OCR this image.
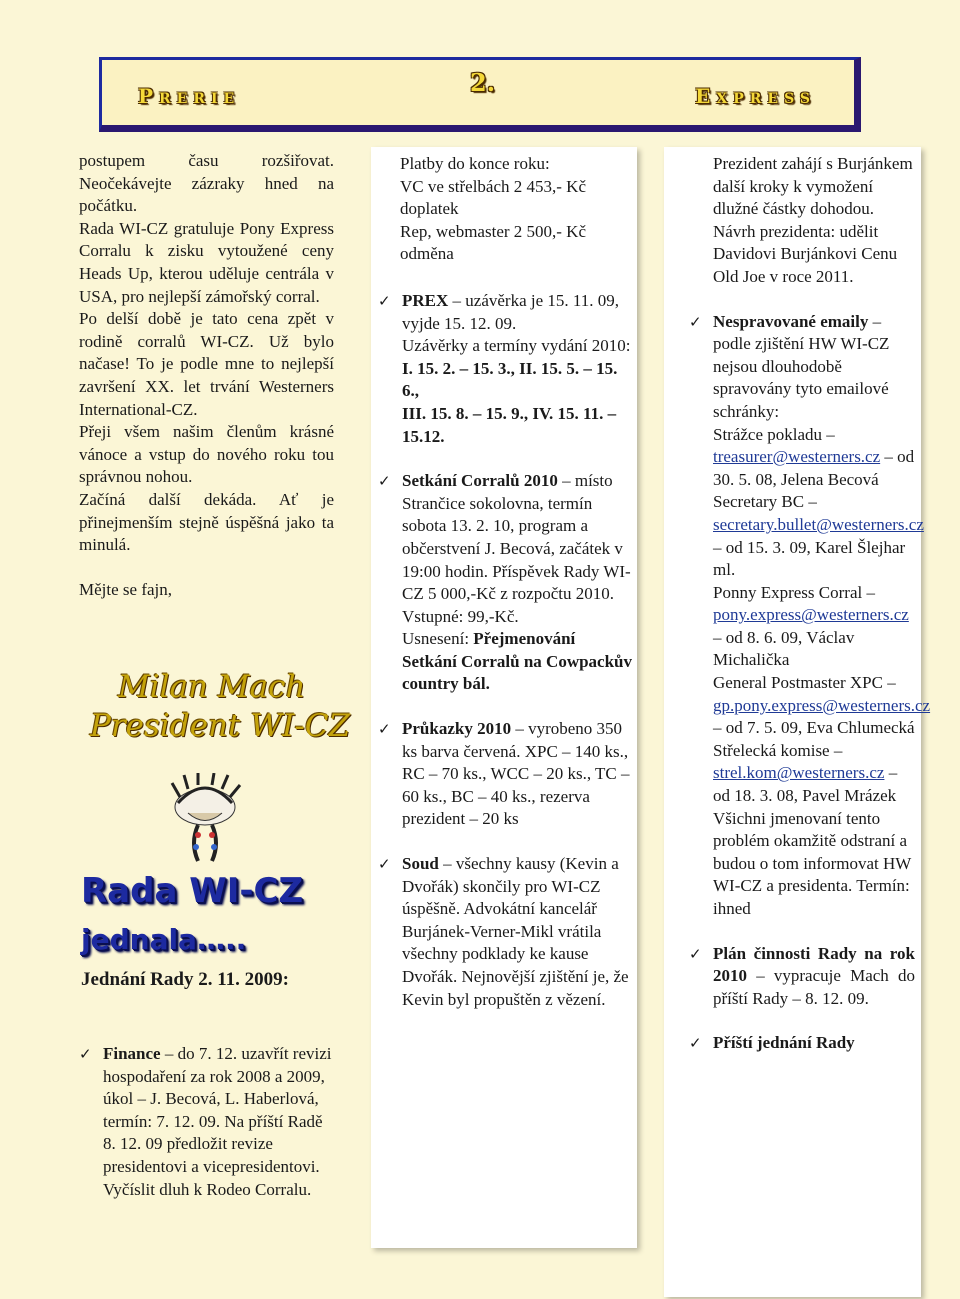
Prerie	2.	Express

postupem času rozšiřovat. Neočekávejte zázraky hned na počátku.

Rada WI-CZ gratuluje Pony Express Corralu k zisku vytoužené ceny Heads Up, kterou uděluje centrála v USA, pro nejlepší zámořský corral.

Po delší době je tato cena zpět v rodině corralů WI-CZ. Už bylo načase! To je podle mne to nejlepší završení XX. let trvání Westerners International-CZ.

Přeji všem našim členům krásné vánoce a vstup do nového roku tou správnou nohou.

Začíná další dekáda. Ať je přinejmenším stejně úspěšná jako ta minulá.

Mějte se fajn,

Milan Mach
President WI-CZ
Rada WI-CZ
jednala…..
Jednání Rady 2. 11. 2009:
✓ Finance – do 7. 12. uzavřít revizi hospodaření za rok 2008 a 2009, úkol – J. Becová, L. Haberlová, termín: 7. 12. 09. Na příští Radě 8. 12. 09 předložit revize presidentovi a vicepresidentovi. Vyčíslit dluh k Rodeo Corralu.

Platby do konce roku:

VC ve střelbách 2 453,- Kč doplatek

Rep, webmaster 2 500,- Kč odměna

✓ PREX – uzávěrka je 15. 11. 09, vyjde 15. 12. 09.
Uzávěrky a termíny vydání 2010:
I. 15. 2. – 15. 3., II. 15. 5. – 15. 6.,
III. 15. 8. – 15. 9., IV. 15. 11. – 15.12.
✓ Setkání Corralů 2010 – místo Strančice sokolovna, termín sobota 13. 2. 10, program a občerstvení J. Becová, začátek v 19:00 hodin. Příspěvek Rady WI-CZ 5 000,-Kč z rozpočtu 2010.
Vstupné: 99,-Kč.
Usnesení: Přejmenování Setkání Corralů na Cowpackův country bál.
✓ Průkazky 2010 – vyrobeno 350 ks barva červená. XPC – 140 ks., RC – 70 ks., WCC – 20 ks., TC – 60 ks., BC – 40 ks., rezerva prezident – 20 ks
✓ Soud – všechny kausy (Kevin a Dvořák) skončily pro WI-CZ úspěšně. Advokátní kancelář Burjánek-Verner-Mikl vrátila všechny podklady ke kause Dvořák. Nejnovější zjištění je, že Kevin byl propuštěn z vězení.

Prezident zahájí s Burjánkem další kroky k vymožení dlužné částky dohodou. Návrh prezidenta: udělit Davidovi Burjánkovi Cenu Old Joe v roce 2011.

✓ Nespravované emaily – podle zjištění HW WI-CZ nejsou dlouhodobě spravovány tyto emailové schránky:
Strážce pokladu – treasurer@westerners.cz – od 30. 5. 08, Jelena Becová
Secretary BC – secretary.bullet@westerners.cz – od 15. 3. 09, Karel Šlejhar ml.
Ponny Express Corral – pony.express@westerners.cz – od 8. 6. 09, Václav Michalička
General Postmaster XPC – gp.pony.express@westerners.cz – od 7. 5. 09, Eva Chlumecká
Střelecká komise – strel.kom@westerners.cz – od 18. 3. 08, Pavel Mrázek
Všichni jmenovaní tento problém okamžitě odstraní a budou o tom informovat HW WI-CZ a presidenta. Termín: ihned
✓ Plán činnosti Rady na rok 2010 – vypracuje Mach do příští Rady – 8. 12. 09.
✓ Příští jednání Rady
